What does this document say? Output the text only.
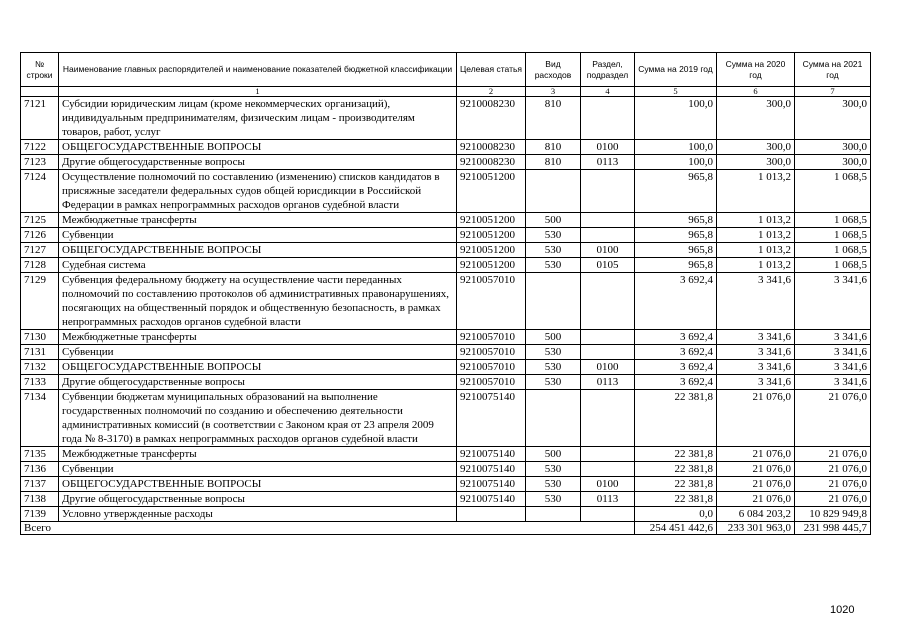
№ строки	Наименование главных распорядителей и наименование показателей бюджетной классификации	Целевая статья	Вид расходов	Раздел, подраздел	Сумма на 2019 год	Сумма на 2020 год	Сумма на 2021 год
	1	2	3	4	5	6	7
7121	Субсидии юридическим лицам (кроме некоммерческих организаций), индивидуальным предпринимателям, физическим лицам - производителям товаров, работ, услуг	9210008230	810		100,0	300,0	300,0
7122	ОБЩЕГОСУДАРСТВЕННЫЕ ВОПРОСЫ	9210008230	810	0100	100,0	300,0	300,0
7123	Другие общегосударственные вопросы	9210008230	810	0113	100,0	300,0	300,0
7124	Осуществление полномочий по составлению (изменению) списков кандидатов в присяжные заседатели федеральных судов общей юрисдикции в Российской Федерации в рамках непрограммных расходов органов судебной власти	9210051200			965,8	1 013,2	1 068,5
7125	Межбюджетные трансферты	9210051200	500		965,8	1 013,2	1 068,5
7126	Субвенции	9210051200	530		965,8	1 013,2	1 068,5
7127	ОБЩЕГОСУДАРСТВЕННЫЕ ВОПРОСЫ	9210051200	530	0100	965,8	1 013,2	1 068,5
7128	Судебная система	9210051200	530	0105	965,8	1 013,2	1 068,5
7129	Субвенция федеральному бюджету на осуществление части переданных полномочий по составлению протоколов об административных правонарушениях, посягающих на общественный порядок и общественную безопасность, в рамках непрограммных расходов органов судебной власти	9210057010			3 692,4	3 341,6	3 341,6
7130	Межбюджетные трансферты	9210057010	500		3 692,4	3 341,6	3 341,6
7131	Субвенции	9210057010	530		3 692,4	3 341,6	3 341,6
7132	ОБЩЕГОСУДАРСТВЕННЫЕ ВОПРОСЫ	9210057010	530	0100	3 692,4	3 341,6	3 341,6
7133	Другие общегосударственные вопросы	9210057010	530	0113	3 692,4	3 341,6	3 341,6
7134	Субвенции бюджетам муниципальных образований на выполнение государственных полномочий по созданию и обеспечению деятельности административных комиссий (в соответствии с Законом края от 23 апреля 2009 года № 8-3170) в рамках непрограммных расходов органов судебной власти	9210075140			22 381,8	21 076,0	21 076,0
7135	Межбюджетные трансферты	9210075140	500		22 381,8	21 076,0	21 076,0
7136	Субвенции	9210075140	530		22 381,8	21 076,0	21 076,0
7137	ОБЩЕГОСУДАРСТВЕННЫЕ ВОПРОСЫ	9210075140	530	0100	22 381,8	21 076,0	21 076,0
7138	Другие общегосударственные вопросы	9210075140	530	0113	22 381,8	21 076,0	21 076,0
7139	Условно утвержденные расходы				0,0	6 084 203,2	10 829 949,8
Всего					254 451 442,6	233 301 963,0	231 998 445,7
1020
